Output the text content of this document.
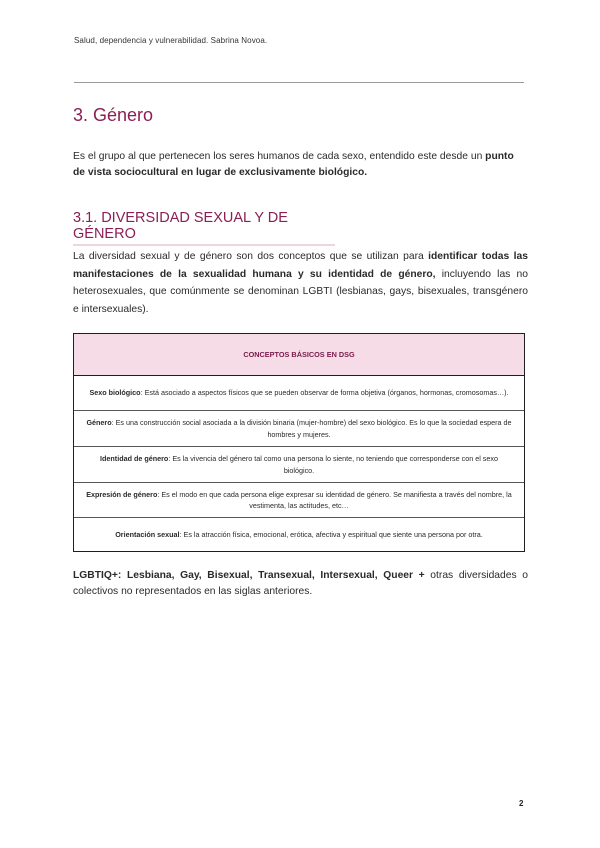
Salud, dependencia y vulnerabilidad. Sabrina Novoa.
3. Género

Es el grupo al que pertenecen los seres humanos de cada sexo, entendido este desde un punto de vista sociocultural en lugar de exclusivamente biológico.

3.1. DIVERSIDAD SEXUAL Y DE GÉNERO

La diversidad sexual y de género son dos conceptos que se utilizan para identificar todas las manifestaciones de la sexualidad humana y su identidad de género, incluyendo las no heterosexuales, que comúnmente se denominan LGBTI (lesbianas, gays, bisexuales, transgénero e intersexuales).

CONCEPTOS BÁSICOS EN DSG
Sexo biológico: Está asociado a aspectos físicos que se pueden observar de forma objetiva (órganos, hormonas, cromosomas…).
Género: Es una construcción social asociada a la división binaria (mujer-hombre) del sexo biológico. Es lo que la sociedad espera de hombres y mujeres.
Identidad de género: Es la vivencia del género tal como una persona lo siente, no teniendo que corresponderse con el sexo biológico.
Expresión de género: Es el modo en que cada persona elige expresar su identidad de género. Se manifiesta a través del nombre, la vestimenta, las actitudes, etc…
Orientación sexual: Es la atracción física, emocional, erótica, afectiva y espiritual que siente una persona por otra.

LGBTIQ+: Lesbiana, Gay, Bisexual, Transexual, Intersexual, Queer + otras diversidades o colectivos no representados en las siglas anteriores.

2
